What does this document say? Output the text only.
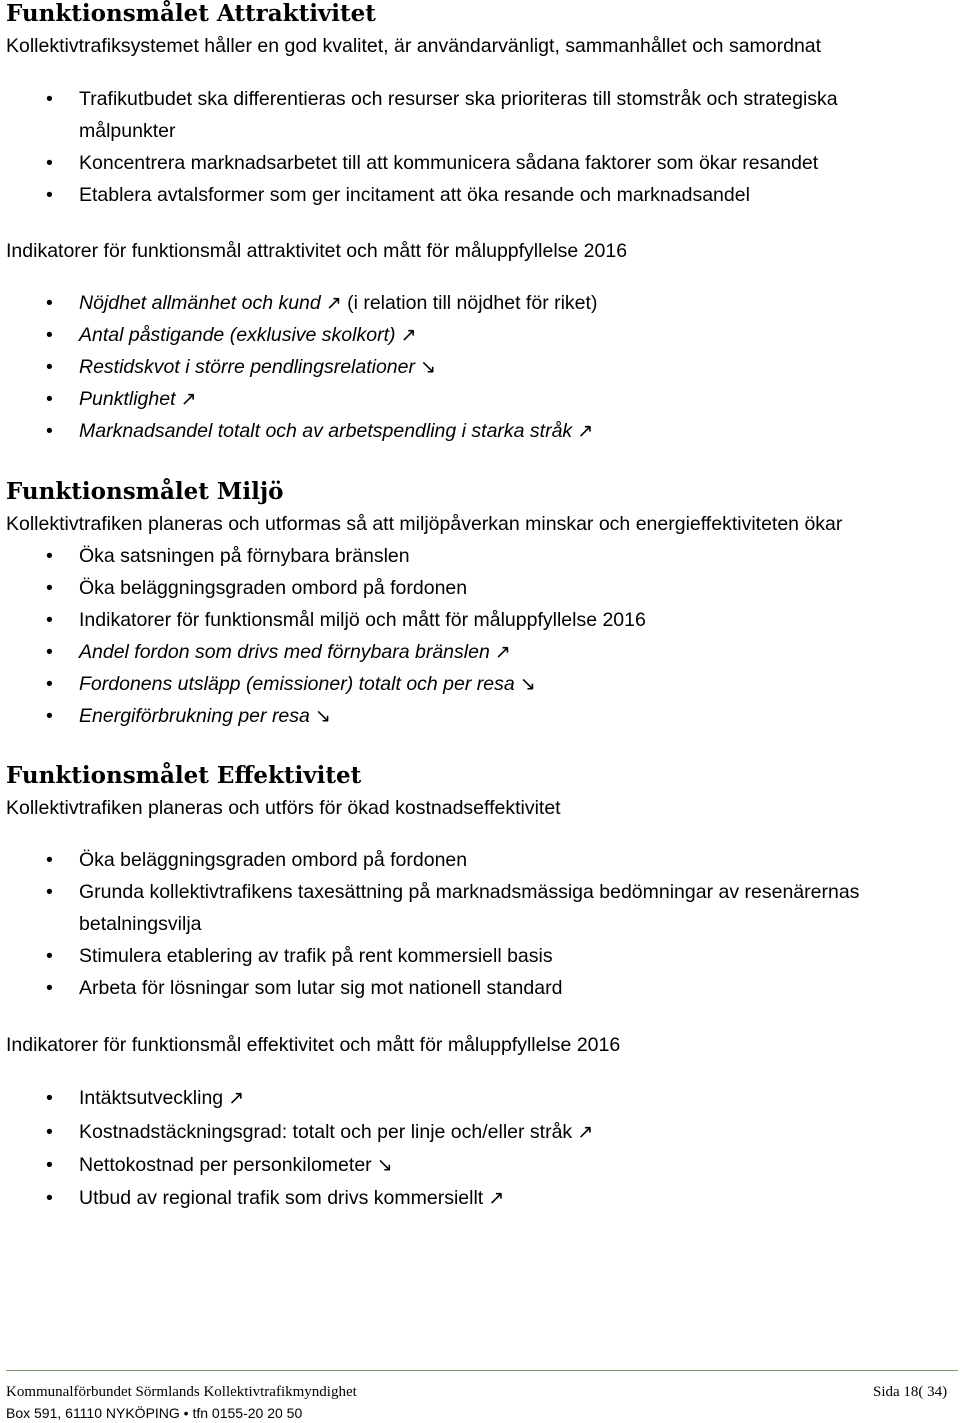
Funktionsmålet Attraktivitet
Kollektivtrafiksystemet håller en god kvalitet, är användarvänligt, sammanhållet och samordnat
• Trafikutbudet ska differentieras och resurser ska prioriteras till stomstråk och strategiska
målpunkter
• Koncentrera marknadsarbetet till att kommunicera sådana faktorer som ökar resandet
• Etablera avtalsformer som ger incitament att öka resande och marknadsandel
Indikatorer för funktionsmål attraktivitet och mått för måluppfyllelse 2016
• Nöjdhet allmänhet och kund ↗ (i relation till nöjdhet för riket)
• Antal påstigande (exklusive skolkort) ↗
• Restidskvot i större pendlingsrelationer ↘
• Punktlighet ↗
• Marknadsandel totalt och av arbetspendling i starka stråk ↗
Funktionsmålet Miljö
Kollektivtrafiken planeras och utformas så att miljöpåverkan minskar och energieffektiviteten ökar
• Öka satsningen på förnybara bränslen
• Öka beläggningsgraden ombord på fordonen
• Indikatorer för funktionsmål miljö och mått för måluppfyllelse 2016
• Andel fordon som drivs med förnybara bränslen ↗
• Fordonens utsläpp (emissioner) totalt och per resa ↘
• Energiförbrukning per resa ↘
Funktionsmålet Effektivitet
Kollektivtrafiken planeras och utförs för ökad kostnadseffektivitet
• Öka beläggningsgraden ombord på fordonen
• Grunda kollektivtrafikens taxesättning på marknadsmässiga bedömningar av resenärernas
betalningsvilja
• Stimulera etablering av trafik på rent kommersiell basis
• Arbeta för lösningar som lutar sig mot nationell standard
Indikatorer för funktionsmål effektivitet och mått för måluppfyllelse 2016
• Intäktsutveckling ↗
• Kostnadstäckningsgrad: totalt och per linje och/eller stråk ↗
• Nettokostnad per personkilometer ↘
• Utbud av regional trafik som drivs kommersiellt ↗
Kommunalförbundet Sörmlands Kollektivtrafikmyndighet	Sida 18( 34)
Box 591, 61110 NYKÖPING • tfn 0155-20 20 50
